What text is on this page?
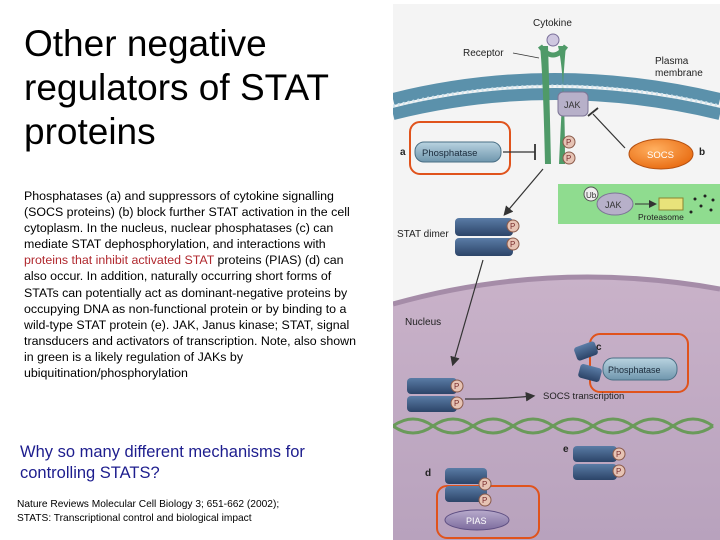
Other negative regulators of STAT proteins
Phosphatases (a) and suppressors of cytokine signalling (SOCS proteins) (b) block further STAT activation in the cell cytoplasm. In the nucleus, nuclear phosphatases (c) can mediate STAT dephosphorylation, and interactions with proteins that inhibit activated STAT proteins (PIAS) (d) can also occur. In addition, naturally occurring short forms of STATs can potentially act as dominant-negative proteins by occupying DNA as non-functional protein or by binding to a wild-type STAT protein (e). JAK, Janus kinase; STAT, signal transducers and activators of transcription. Note, also shown in green is a likely regulation of JAKs by ubiquitination/phosphorylation
Why so many different mechanisms for controlling STATS?
Nature Reviews Molecular Cell Biology 3; 651-662 (2002);
STATS: Transcriptional control and biological impact
Cytokine
Receptor
Plasma
membrane
JAK
P
P
a Phosphatase	SOCS	b
Ub
JAK
Proteasome
STAT dimer
P
P
Nucleus
c
Phosphatase
P
P
SOCS transcription
e	P
P
d
P
P
PIAS
